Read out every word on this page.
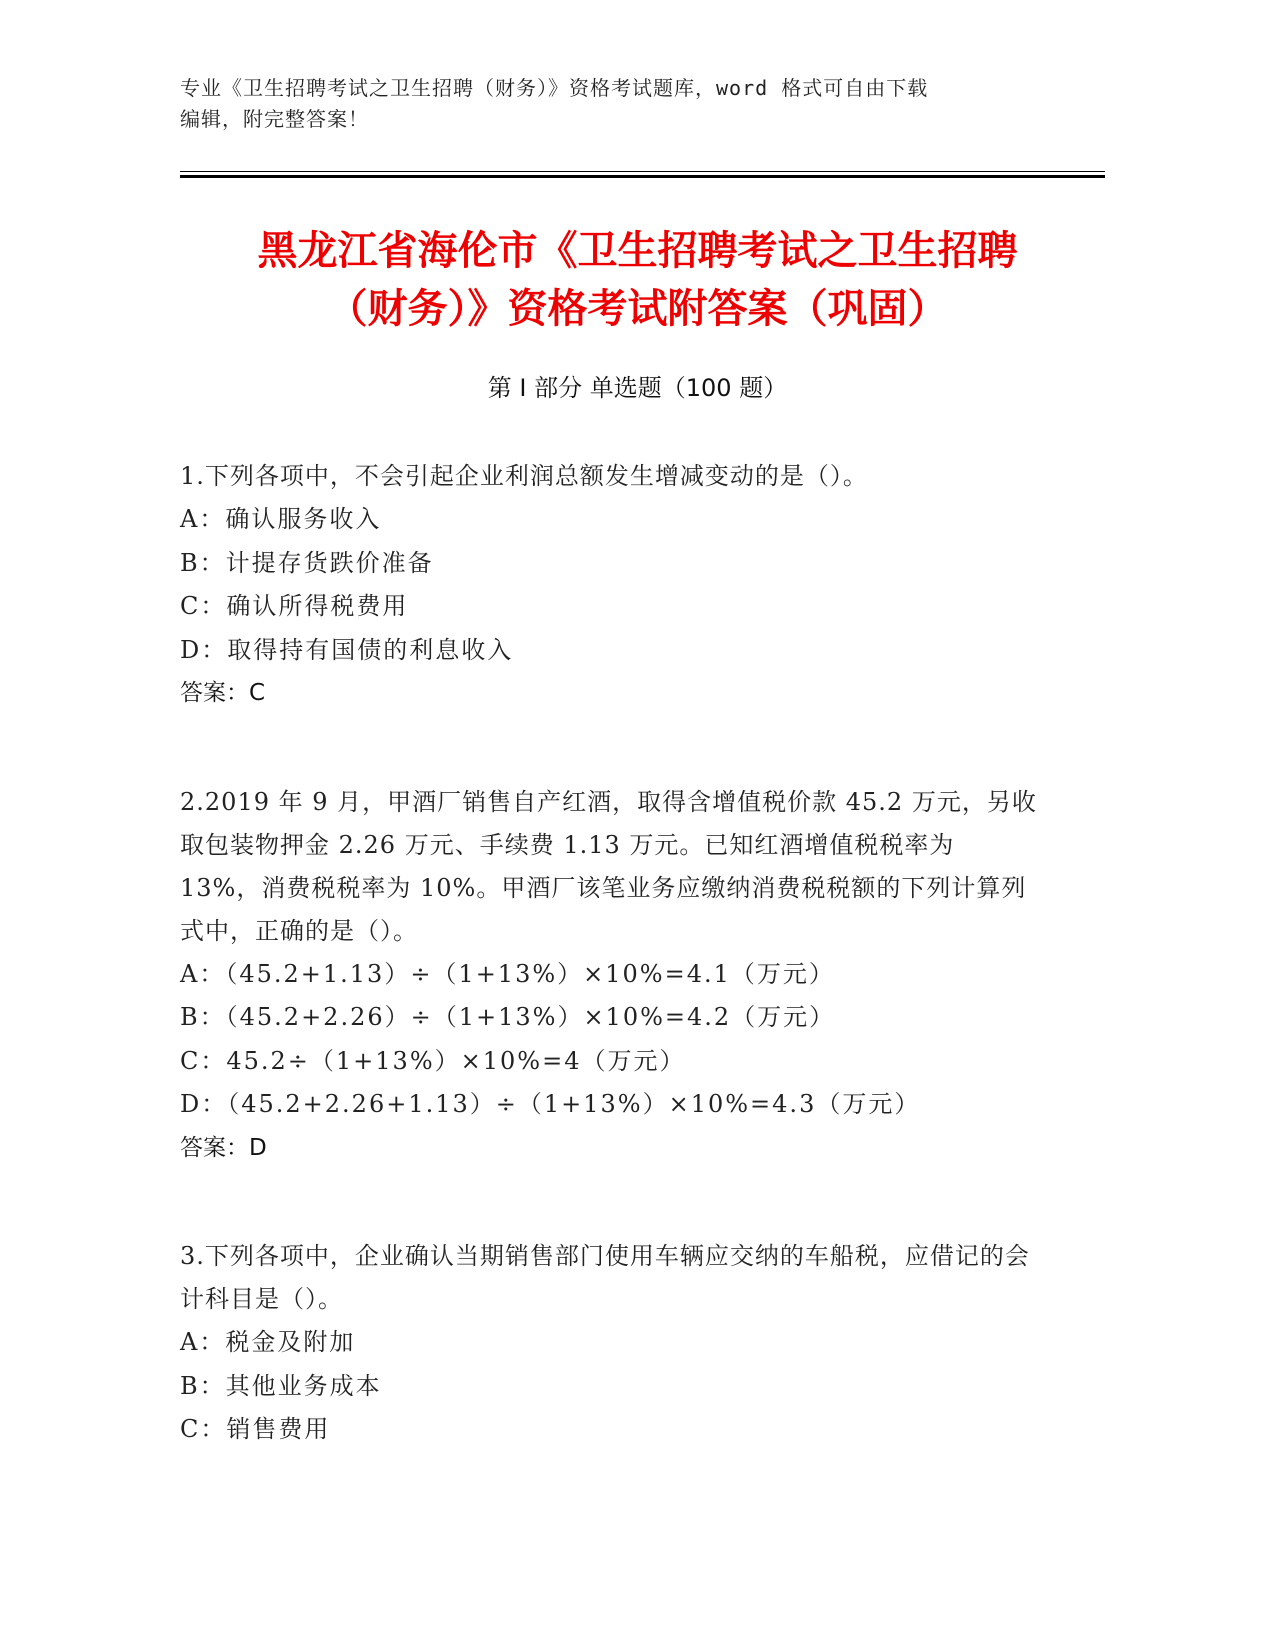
专业《卫生招聘考试之卫生招聘（财务）》资格考试题库，word 格式可自由下载
编辑，附完整答案！
黑龙江省海伦市《卫生招聘考试之卫生招聘
（财务）》资格考试附答案（巩固）
第 I 部分 单选题（100 题）
1.下列各项中，不会引起企业利润总额发生增减变动的是（）。
A：确认服务收入
B：计提存货跌价准备
C：确认所得税费用
D：取得持有国债的利息收入
答案：C
2.2019 年 9 月，甲酒厂销售自产红酒，取得含增值税价款 45.2 万元，另收取包装物押金 2.26 万元、手续费 1.13 万元。已知红酒增值税税率为 13%，消费税税率为 10%。甲酒厂该笔业务应缴纳消费税税额的下列计算列式中，正确的是（）。
A：（45.2+1.13）÷（1+13%）×10%=4.1（万元）
B：（45.2+2.26）÷（1+13%）×10%=4.2（万元）
C：45.2÷（1+13%）×10%=4（万元）
D：（45.2+2.26+1.13）÷（1+13%）×10%=4.3（万元）
答案：D
3.下列各项中，企业确认当期销售部门使用车辆应交纳的车船税，应借记的会计科目是（）。
A：税金及附加
B：其他业务成本
C：销售费用
